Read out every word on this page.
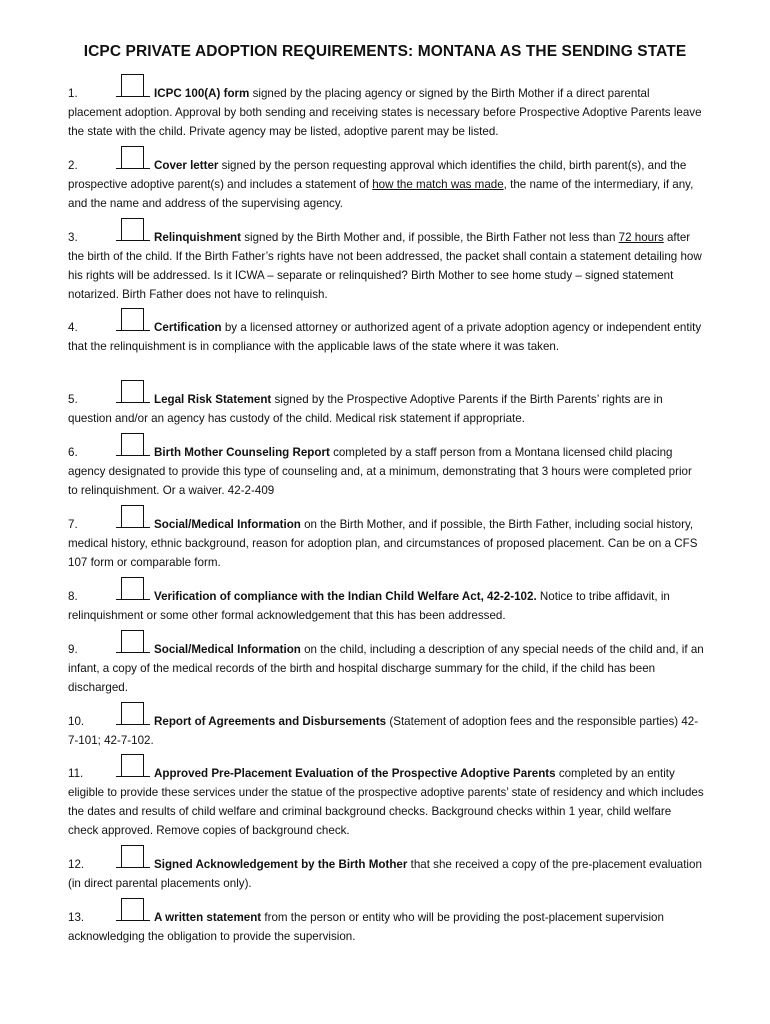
ICPC PRIVATE ADOPTION REQUIREMENTS: MONTANA AS THE SENDING STATE

1.	ICPC 100(A) form signed by the placing agency or signed by the Birth Mother if a direct parental placement adoption. Approval by both sending and receiving states is necessary before Prospective Adoptive Parents leave the state with the child. Private agency may be listed, adoptive parent may be listed.

2.	Cover letter signed by the person requesting approval which identifies the child, birth parent(s), and the prospective adoptive parent(s) and includes a statement of how the match was made, the name of the intermediary, if any, and the name and address of the supervising agency.

3.	Relinquishment signed by the Birth Mother and, if possible, the Birth Father not less than 72 hours after the birth of the child. If the Birth Father’s rights have not been addressed, the packet shall contain a statement detailing how his rights will be addressed. Is it ICWA – separate or relinquished? Birth Mother to see home study – signed statement notarized. Birth Father does not have to relinquish.

4.	Certification by a licensed attorney or authorized agent of a private adoption agency or independent entity that the relinquishment is in compliance with the applicable laws of the state where it was taken.

5.	Legal Risk Statement signed by the Prospective Adoptive Parents if the Birth Parents’ rights are in question and/or an agency has custody of the child. Medical risk statement if appropriate.

6.	Birth Mother Counseling Report completed by a staff person from a Montana licensed child placing agency designated to provide this type of counseling and, at a minimum, demonstrating that 3 hours were completed prior to relinquishment. Or a waiver. 42-2-409

7.	Social/Medical Information on the Birth Mother, and if possible, the Birth Father, including social history, medical history, ethnic background, reason for adoption plan, and circumstances of proposed placement. Can be on a CFS 107 form or comparable form.

8.	Verification of compliance with the Indian Child Welfare Act, 42-2-102. Notice to tribe affidavit, in relinquishment or some other formal acknowledgement that this has been addressed.

9.	Social/Medical Information on the child, including a description of any special needs of the child and, if an infant, a copy of the medical records of the birth and hospital discharge summary for the child, if the child has been discharged.

10.	Report of Agreements and Disbursements (Statement of adoption fees and the responsible parties) 42-7-101; 42-7-102.

11.	Approved Pre-Placement Evaluation of the Prospective Adoptive Parents completed by an entity eligible to provide these services under the statue of the prospective adoptive parents’ state of residency and which includes the dates and results of child welfare and criminal background checks. Background checks within 1 year, child welfare check approved. Remove copies of background check.

12.	Signed Acknowledgement by the Birth Mother that she received a copy of the pre-placement evaluation (in direct parental placements only).

13.	A written statement from the person or entity who will be providing the post-placement supervision acknowledging the obligation to provide the supervision.
